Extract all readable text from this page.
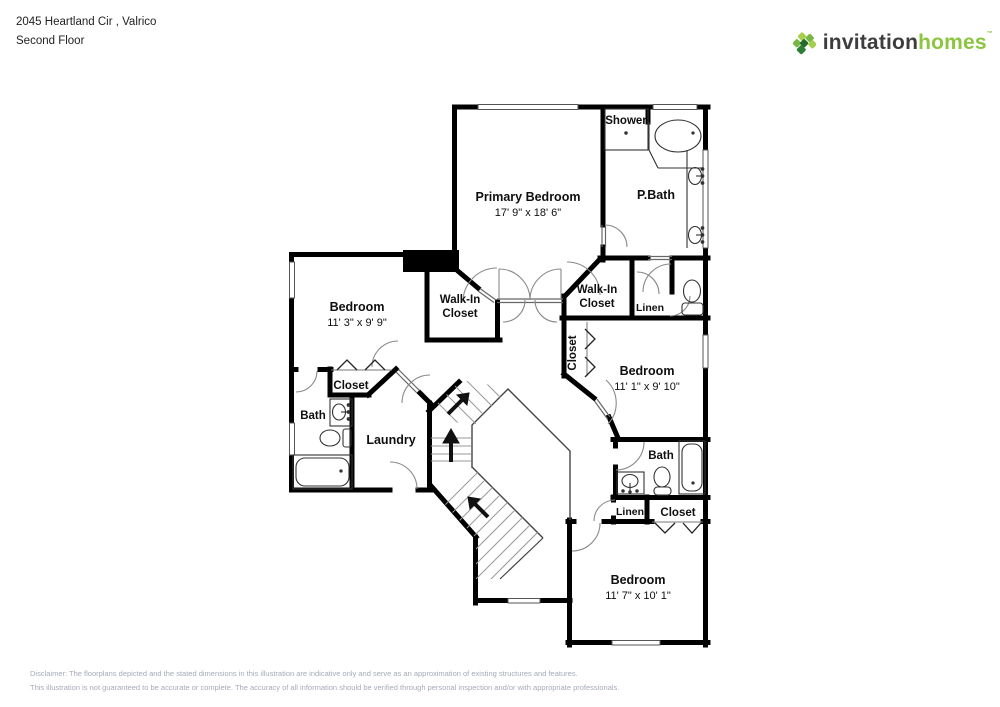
2045 Heartland Cir , Valrico
Second Floor	invitationhomes™
Shower
Primary Bedroom
17' 9" x 18' 6"
P.Bath
Walk-In
Closet
Walk-In
Closet Linen
Bedroom
11' 3" x 9' 9"
Closet
Bath
Laundry
Closet
Bedroom
11' 1" x 9' 10"
Bath
Linen Closet
Bedroom
11' 7" x 10' 1"
Disclaimer: The floorplans depicted and the stated dimensions in this illustration are indicative only and serve as an approximation of existing structures and features.
This illustration is not guaranteed to be accurate or complete. The accuracy of all information should be verified through personal inspection and/or with appropriate professionals.
